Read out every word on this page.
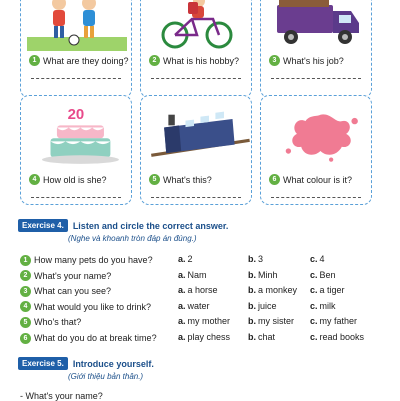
1 What are they doing?	2 What is his hobby?	3 What's his job?
20
4 How old is she?	5 What's this?	6 What colour is it?
Exercise 4.	Listen and circle the correct answer.
(Nghe và khoanh tròn đáp án đúng.)
1 How many pets do you have?	a. 2	b. 3	c. 4
2 What's your name?	a. Nam	b. Minh	c. Ben
3 What can you see?	a. a horse	b. a monkey c. a tiger
4 What would you like to drink?	a. water	b. juice	c. milk
5 Who's that?	a. my mother b. my sister c. my father
6 What do you do at break time?	a. play chess b. chat	c. read books
Exercise 5.	Introduce yourself.
(Giới thiệu bản thân.)
- What's your name?
